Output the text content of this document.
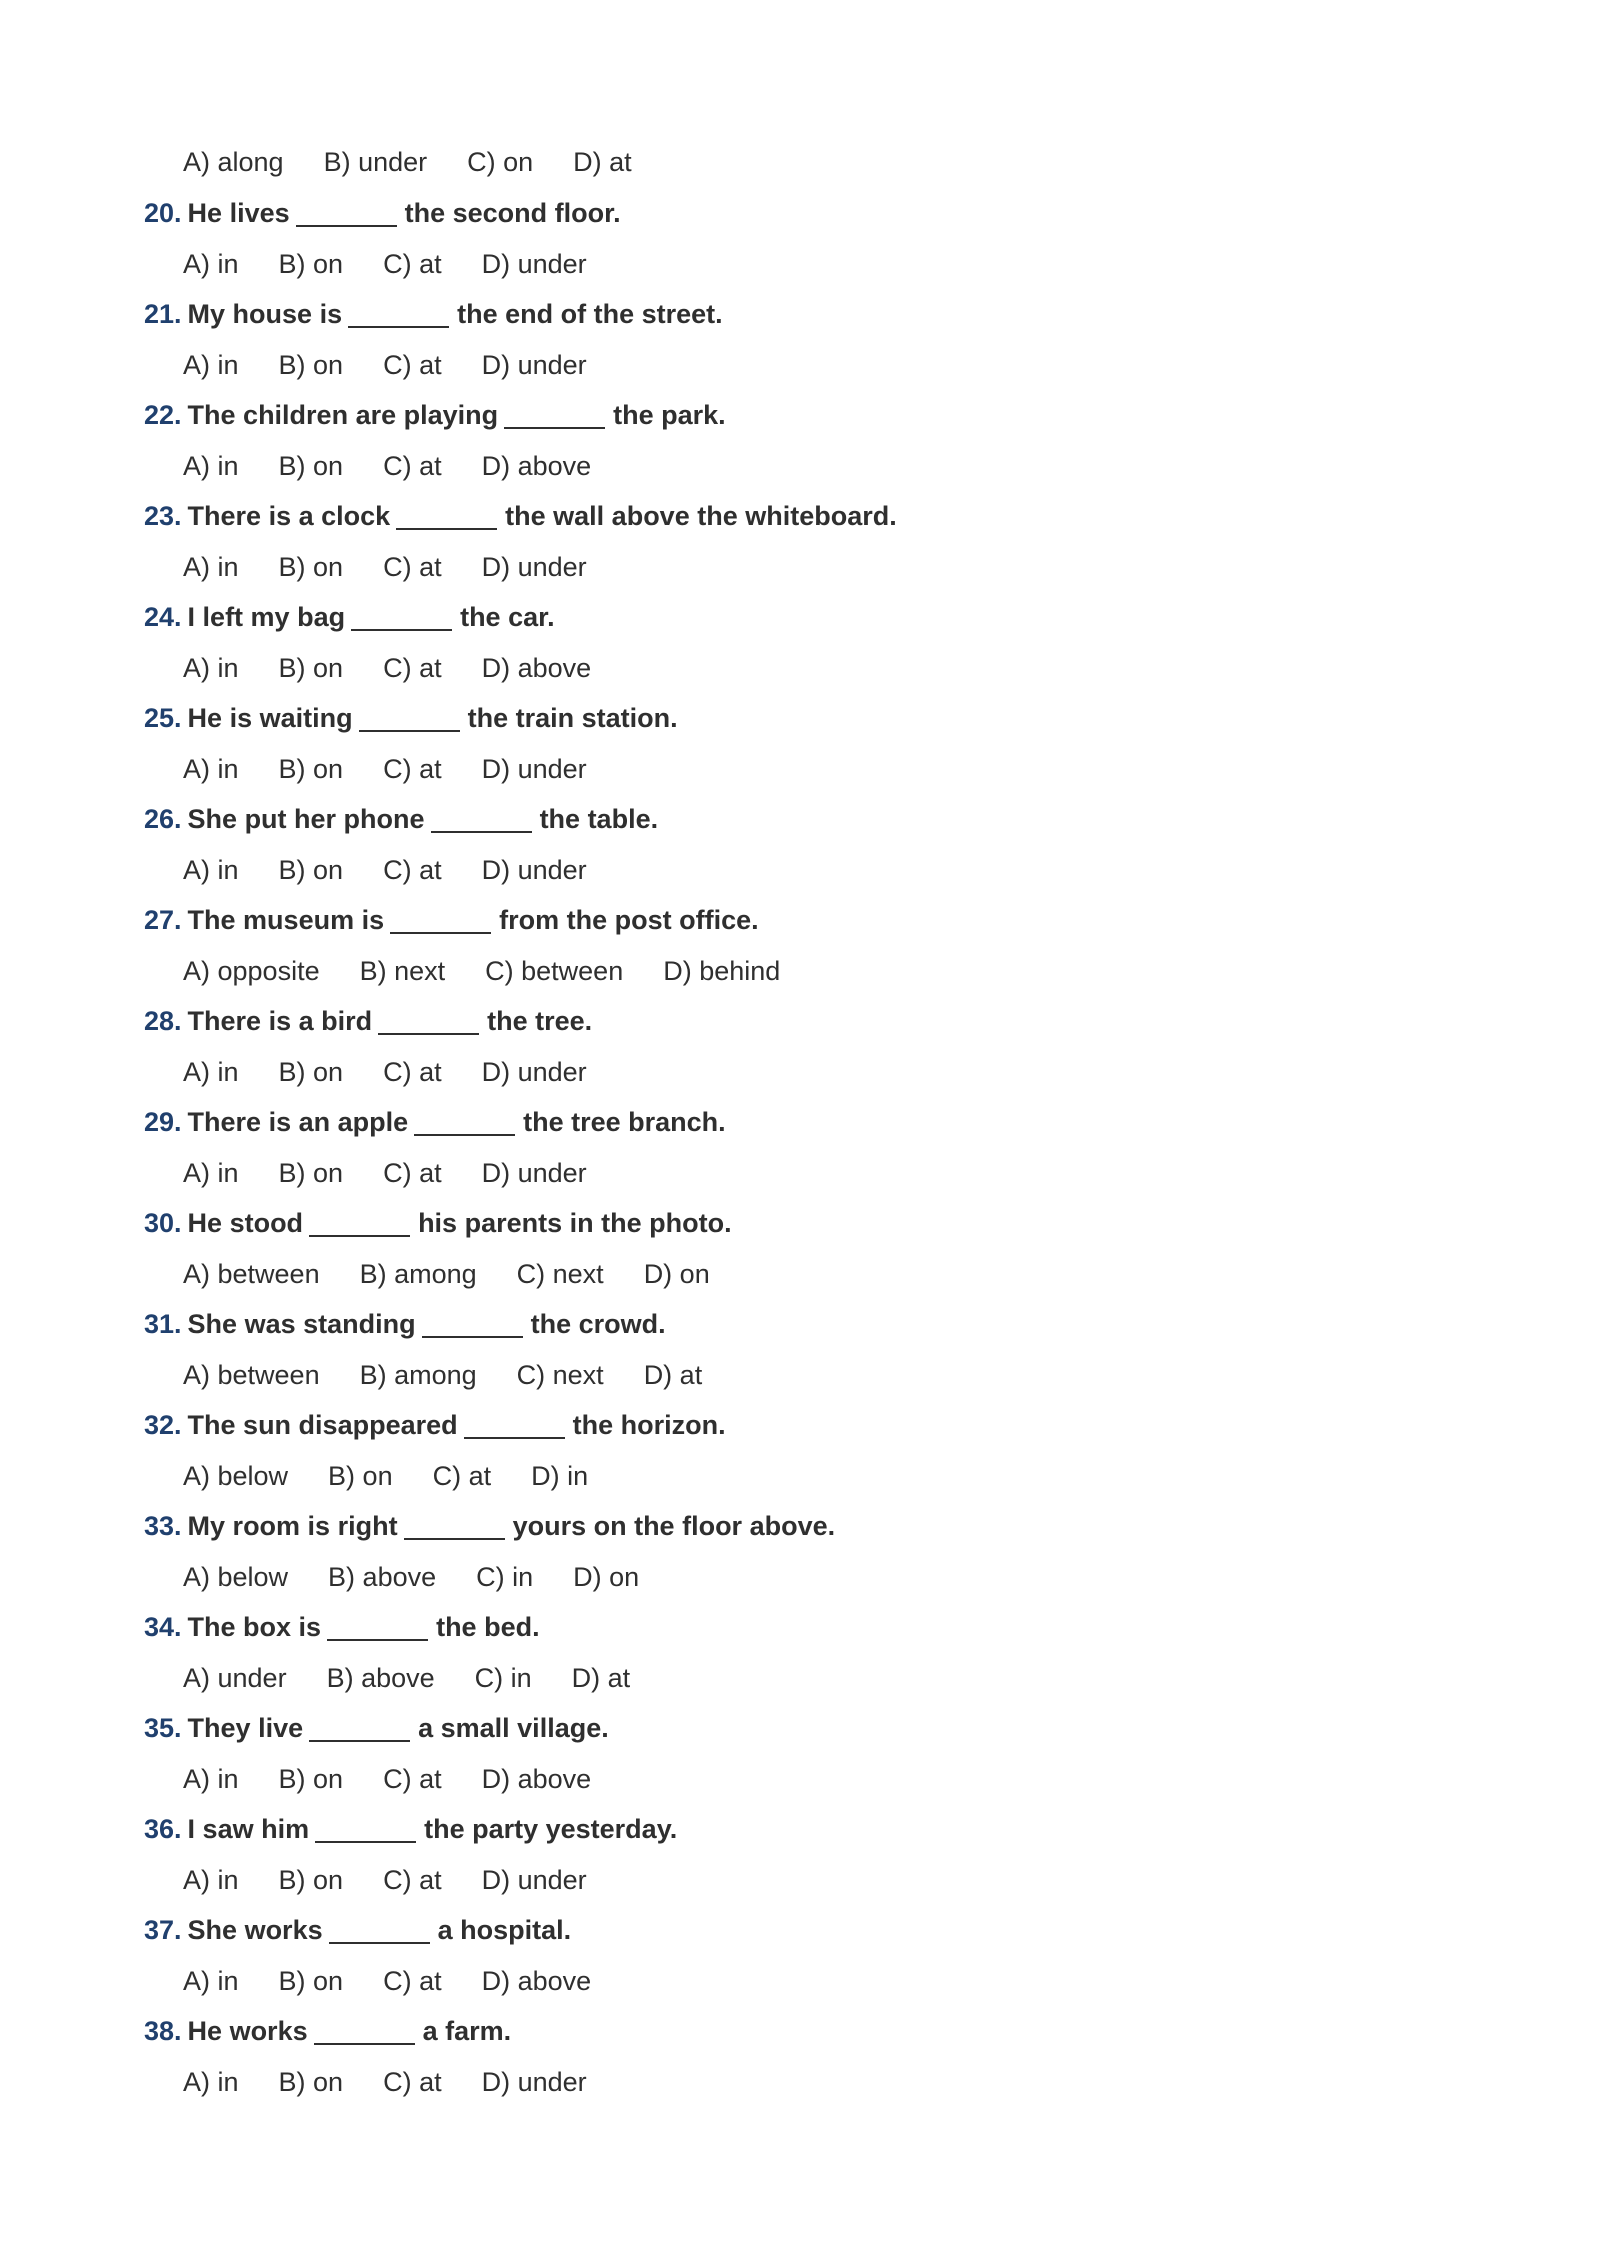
A) along B) under C) on D) at
20. He lives	the second floor.
A) in B) on C) at D) under
21. My house is	the end of the street.
A) in B) on C) at D) under
22. The children are playing	the park.
A) in B) on C) at D) above
23. There is a clock	the wall above the whiteboard.
A) in B) on C) at D) under
24. I left my bag	the car.
A) in B) on C) at D) above
25. He is waiting	the train station.
A) in B) on C) at D) under
26. She put her phone	the table.
A) in B) on C) at D) under
27. The museum is	from the post office.
A) opposite B) next C) between D) behind
28. There is a bird	the tree.
A) in B) on C) at D) under
29. There is an apple	the tree branch.
A) in B) on C) at D) under
30. He stood	his parents in the photo.
A) between B) among C) next D) on
31. She was standing	the crowd.
A) between B) among C) next D) at
32. The sun disappeared	the horizon.
A) below B) on C) at D) in
33. My room is right	yours on the floor above.
A) below B) above C) in D) on
34. The box is	the bed.
A) under B) above C) in D) at
35. They live	a small village.
A) in B) on C) at D) above
36. I saw him	the party yesterday.
A) in B) on C) at D) under
37. She works	a hospital.
A) in B) on C) at D) above
38. He works	a farm.
A) in B) on C) at D) under
